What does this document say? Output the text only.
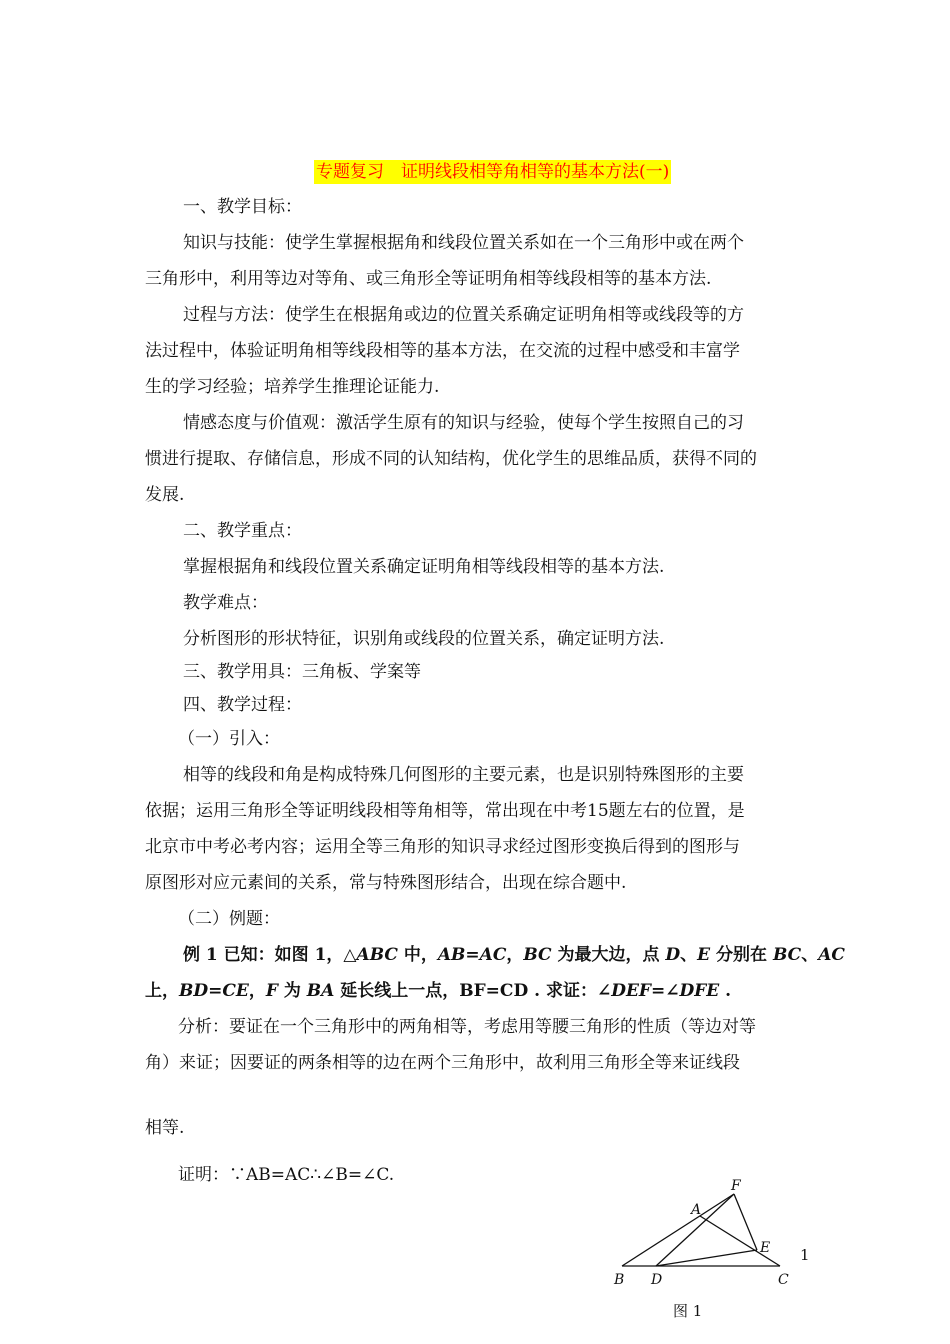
专题复习　证明线段相等角相等的基本方法(一)
一、教学目标：
知识与技能：使学生掌握根据角和线段位置关系如在一个三角形中或在两个
三角形中，利用等边对等角、或三角形全等证明角相等线段相等的基本方法.
过程与方法：使学生在根据角或边的位置关系确定证明角相等或线段等的方
法过程中，体验证明角相等线段相等的基本方法，在交流的过程中感受和丰富学
生的学习经验；培养学生推理论证能力.
情感态度与价值观：激活学生原有的知识与经验，使每个学生按照自己的习
惯进行提取、存储信息，形成不同的认知结构，优化学生的思维品质，获得不同的
发展.
二、教学重点：
掌握根据角和线段位置关系确定证明角相等线段相等的基本方法.
教学难点：
分析图形的形状特征，识别角或线段的位置关系，确定证明方法.
三、教学用具：三角板、学案等
四、教学过程：
（一）引入：
相等的线段和角是构成特殊几何图形的主要元素，也是识别特殊图形的主要
依据；运用三角形全等证明线段相等角相等，常出现在中考15题左右的位置，是
北京市中考必考内容；运用全等三角形的知识寻求经过图形变换后得到的图形与
原图形对应元素间的关系，常与特殊图形结合，出现在综合题中.
（二）例题：
例 1 已知：如图 1，△ABC 中，AB=AC，BC 为最大边，点 D、E 分别在 BC、AC
上，BD=CE，F 为 BA 延长线上一点，BF=CD . 求证：∠DEF=∠DFE .
分析：要证在一个三角形中的两角相等，考虑用等腰三角形的性质（等边对等
角）来证；因要证的两条相等的边在两个三角形中，故利用三角形全等来证线段
相等.
证明：∵AB=AC∴∠B=∠C.
F
A
E
B D	C
1
图 1
